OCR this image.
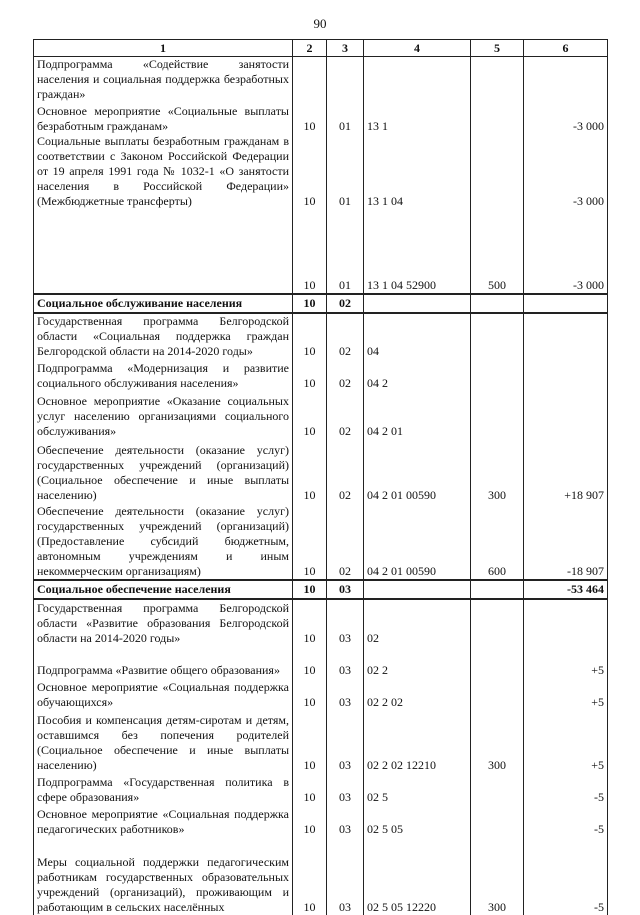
90
1	2	3	4	5	6
Подпрограмма «Содействие занятости населения и социальная поддержка безработных граждан»					
Основное мероприятие «Социальные выплаты безработным гражданам»	10	01	13 1		-3 000
Социальные выплаты безработным гражданам в соответствии с Законом Российской Федерации от 19 апреля 1991 года № 1032-1 «О занятости населения в Российской Федерации» (Межбюджетные трансферты)	10	01	13 1 04		-3 000
	10	01	13 1 04 52900	500	-3 000
Социальное обслуживание населения	10	02			
Государственная программа Белгородской области «Социальная поддержка граждан Белгородской области на 2014-2020 годы»	10	02	04		
Подпрограмма «Модернизация и развитие социального обслуживания населения»	10	02	04 2		
Основное мероприятие «Оказание социальных услуг населению организациями социального обслуживания»	10	02	04 2 01		
Обеспечение деятельности (оказание услуг) государственных учреждений (организаций) (Социальное обеспечение и иные выплаты населению)	10	02	04 2 01 00590	300	+18 907
Обеспечение деятельности (оказание услуг) государственных учреждений (организаций) (Предоставление субсидий бюджетным, автономным учреждениям и иным некоммерческим организациям)	10	02	04 2 01 00590	600	-18 907
Социальное обеспечение населения	10	03			-53 464
Государственная программа Белгородской области «Развитие образования Белгородской области на 2014-2020 годы»	10	03	02		
Подпрограмма «Развитие общего образования»	10	03	02 2		+5
Основное мероприятие «Социальная поддержка обучающихся»	10	03	02 2 02		+5
Пособия и компенсация детям-сиротам и детям, оставшимся без попечения родителей (Социальное обеспечение и иные выплаты населению)	10	03	02 2 02 12210	300	+5
Подпрограмма «Государственная политика в сфере образования»	10	03	02 5		-5
Основное мероприятие «Социальная поддержка педагогических работников»	10	03	02 5 05		-5
Меры социальной поддержки педагогическим работникам государственных образовательных учреждений (организаций), проживающим и работающим в сельских населённых	10	03	02 5 05 12220	300	-5
